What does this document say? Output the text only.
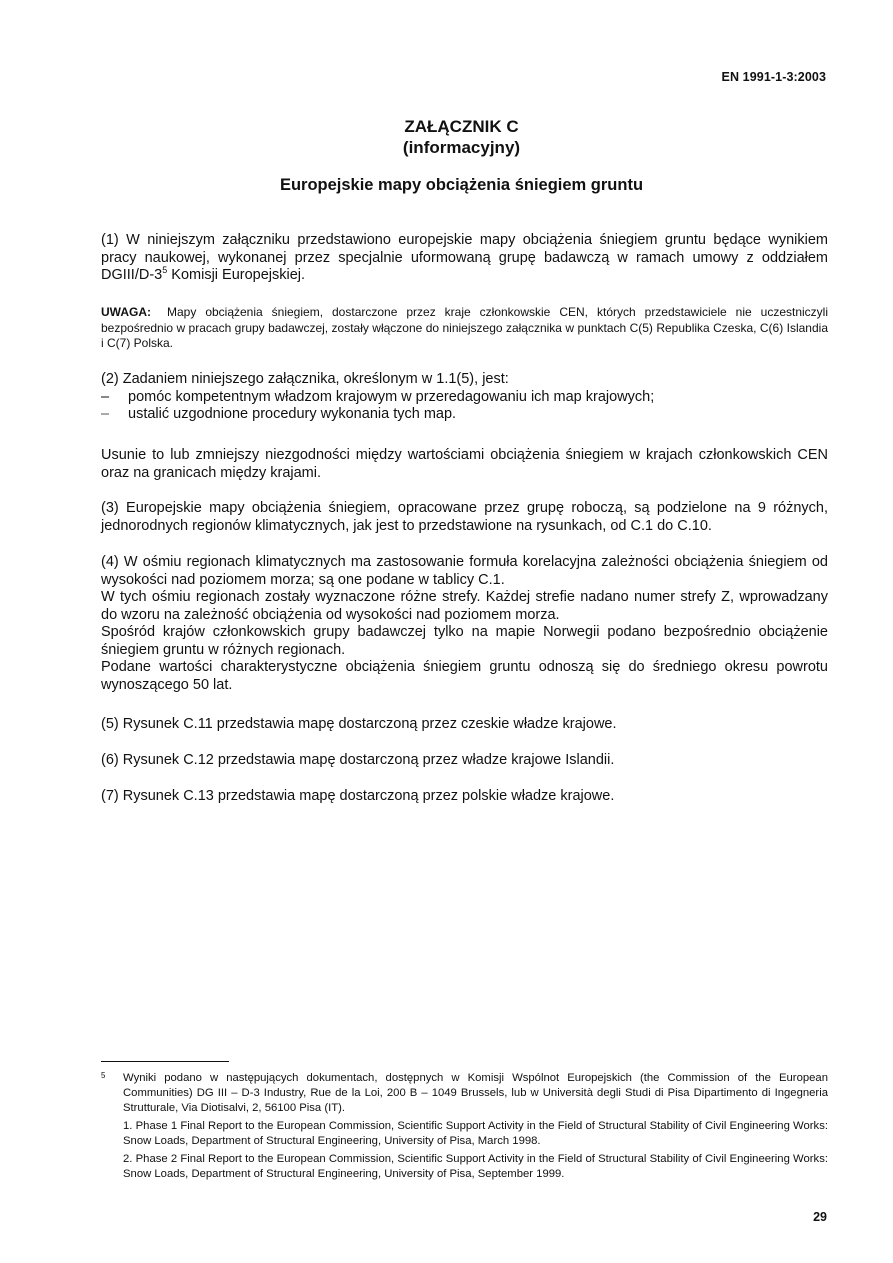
EN 1991-1-3:2003
ZAŁĄCZNIK C
(informacyjny)
Europejskie mapy obciążenia śniegiem gruntu

(1) W niniejszym załączniku przedstawiono europejskie mapy obciążenia śniegiem gruntu będące wynikiem pracy naukowej, wykonanej przez specjalnie uformowaną grupę badawczą w ramach umowy z oddziałem DGIII/$D-3^5$ Komisji Europejskiej.

UWAGA: Mapy obciążenia śniegiem, dostarczone przez kraje członkowskie CEN, których przedstawiciele nie uczestniczyli bezpośrednio w pracach grupy badawczej, zostały włączone do niniejszego załącznika w punktach C(5) Republika Czeska, C(6) Islandia i C(7) Polska.

(2) Zadaniem niniejszego załącznika, określonym w 1.1(5), jest:

– pomóc kompetentnym władzom krajowym w przeredagowaniu ich map krajowych;
– ustalić uzgodnione procedury wykonania tych map.

Usunie to lub zmniejszy niezgodności między wartościami obciążenia śniegiem w krajach członkowskich CEN oraz na granicach między krajami.

(3) Europejskie mapy obciążenia śniegiem, opracowane przez grupę roboczą, są podzielone na 9 różnych, jednorodnych regionów klimatycznych, jak jest to przedstawione na rysunkach, od C.1 do C.10.

(4) W ośmiu regionach klimatycznych ma zastosowanie formuła korelacyjna zależności obciążenia śniegiem od wysokości nad poziomem morza; są one podane w tablicy C.1.

W tych ośmiu regionach zostały wyznaczone różne strefy. Każdej strefie nadano numer strefy Z, wprowadzany do wzoru na zależność obciążenia od wysokości nad poziomem morza.

Spośród krajów członkowskich grupy badawczej tylko na mapie Norwegii podano bezpośrednio obciążenie śniegiem gruntu w różnych regionach.

Podane wartości charakterystyczne obciążenia śniegiem gruntu odnoszą się do średniego okresu powrotu wynoszącego 50 lat.

(5) Rysunek C.11 przedstawia mapę dostarczoną przez czeskie władze krajowe.

(6) Rysunek C.12 przedstawia mapę dostarczoną przez władze krajowe Islandii.

(7) Rysunek C.13 przedstawia mapę dostarczoną przez polskie władze krajowe.

5 Wyniki podano w następujących dokumentach, dostępnych w Komisji Wspólnot Europejskich (the Commission of the European Communities) DG III – D-3 Industry, Rue de la Loi, 200 B – 1049 Brussels, lub w Università degli Studi di Pisa Dipartimento di Ingegneria Strutturale, Via Diotisalvi, 2, 56100 Pisa (IT).

1. Phase 1 Final Report to the European Commission, Scientific Support Activity in the Field of Structural Stability of Civil Engineering Works: Snow Loads, Department of Structural Engineering, University of Pisa, March 1998.

2. Phase 2 Final Report to the European Commission, Scientific Support Activity in the Field of Structural Stability of Civil Engineering Works: Snow Loads, Department of Structural Engineering, University of Pisa, September 1999.

29
